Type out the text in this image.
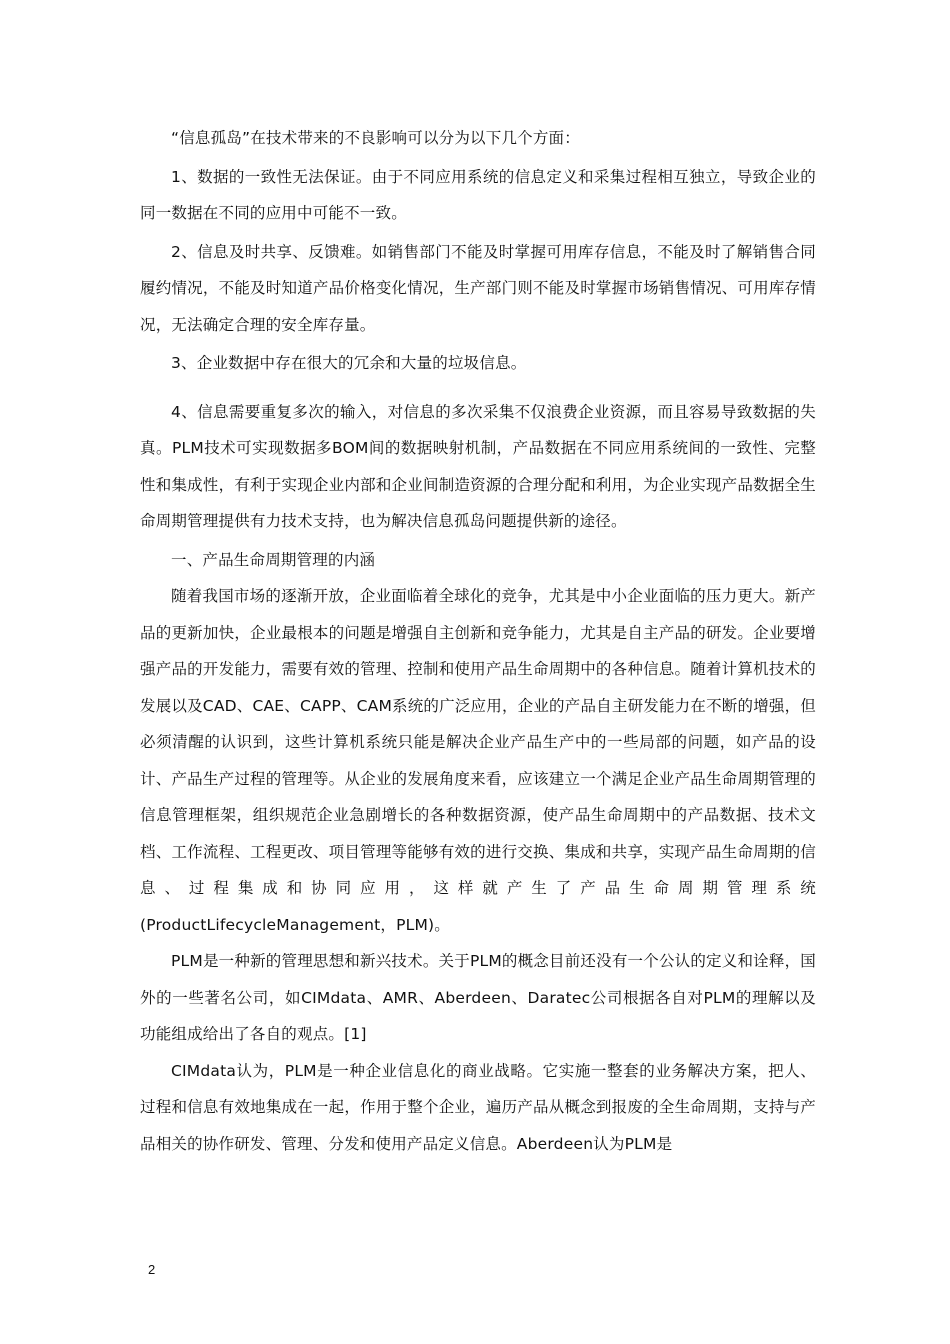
“信息孤岛”在技术带来的不良影响可以分为以下几个方面：

1、数据的一致性无法保证。由于不同应用系统的信息定义和采集过程相互独立，导致企业的同一数据在不同的应用中可能不一致。

2、信息及时共享、反馈难。如销售部门不能及时掌握可用库存信息，不能及时了解销售合同履约情况，不能及时知道产品价格变化情况，生产部门则不能及时掌握市场销售情况、可用库存情况，无法确定合理的安全库存量。

3、企业数据中存在很大的冗余和大量的垃圾信息。

4、信息需要重复多次的输入，对信息的多次采集不仅浪费企业资源，而且容易导致数据的失真。PLM技术可实现数据多BOM间的数据映射机制，产品数据在不同应用系统间的一致性、完整性和集成性，有利于实现企业内部和企业间制造资源的合理分配和利用，为企业实现产品数据全生命周期管理提供有力技术支持，也为解决信息孤岛问题提供新的途径。

一、产品生命周期管理的内涵

随着我国市场的逐渐开放，企业面临着全球化的竞争，尤其是中小企业面临的压力更大。新产品的更新加快，企业最根本的问题是增强自主创新和竞争能力，尤其是自主产品的研发。企业要增强产品的开发能力，需要有效的管理、控制和使用产品生命周期中的各种信息。随着计算机技术的发展以及CAD、CAE、CAPP、CAM系统的广泛应用，企业的产品自主研发能力在不断的增强，但必须清醒的认识到，这些计算机系统只能是解决企业产品生产中的一些局部的问题，如产品的设计、产品生产过程的管理等。从企业的发展角度来看，应该建立一个满足企业产品生命周期管理的信息管理框架，组织规范企业急剧增长的各种数据资源，使产品生命周期中的产品数据、技术文档、工作流程、工程更改、项目管理等能够有效的进行交换、集成和共享，实现产品生命周期的信息、过程集成和协同应用，这样就产生了产品生命周期管理系统(ProductLifecycleManagement，PLM)。

PLM是一种新的管理思想和新兴技术。关于PLM的概念目前还没有一个公认的定义和诠释，国外的一些著名公司，如CIMdata、AMR、Aberdeen、Daratec公司根据各自对PLM的理解以及功能组成给出了各自的观点。[1]

CIMdata认为，PLM是一种企业信息化的商业战略。它实施一整套的业务解决方案，把人、过程和信息有效地集成在一起，作用于整个企业，遍历产品从概念到报废的全生命周期，支持与产品相关的协作研发、管理、分发和使用产品定义信息。Aberdeen认为PLM是

2
